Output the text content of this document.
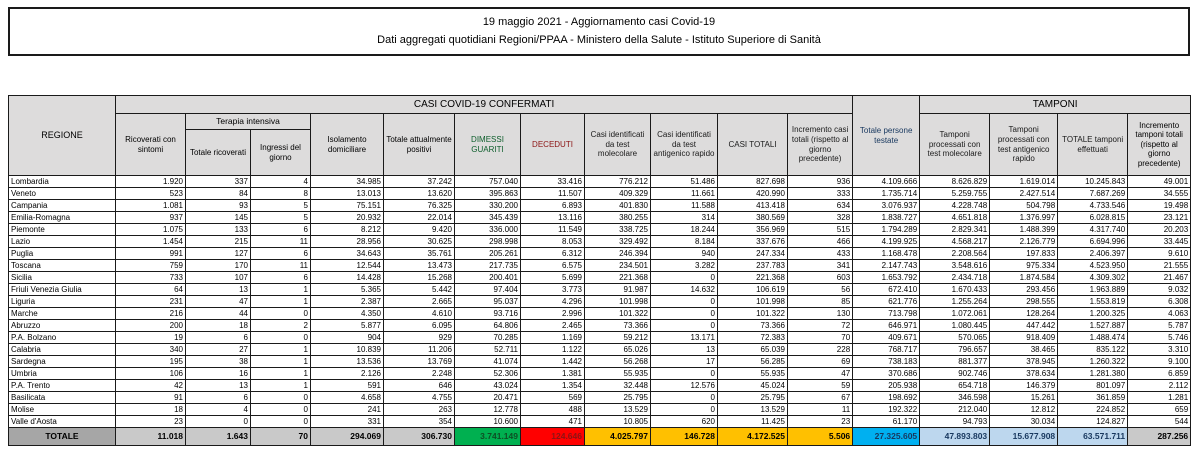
19 maggio 2021 - Aggiornamento casi Covid-19
Dati aggregati quotidiani Regioni/PPAA - Ministero della Salute - Istituto Superiore di Sanità
REGIONE	CASI COVID-19 CONFERMATI											Totale persone testate	TAMPONI			
	Ricoverati con sintomi	Terapia intensiva		Isolamento domiciliare	Totale attualmente positivi	DIMESSI GUARITI	DECEDUTI	Casi identificati da test molecolare	Casi identificati da test antigenico rapido	CASI TOTALI	Incremento casi totali (rispetto al giorno precedente)		Tamponi processati con test molecolare	Tamponi processati con test antigenico rapido	TOTALE tamponi effettuati	Incremento tamponi totali (rispetto al giorno precedente)
		Totale ricoverati	Ingressi del giorno													
Lombardia	1.920	337	4	34.985	37.242	757.040	33.416	776.212	51.486	827.698	936	4.109.666	8.626.829	1.619.014	10.245.843	49.001
Veneto	523	84	8	13.013	13.620	395.863	11.507	409.329	11.661	420.990	333	1.735.714	5.259.755	2.427.514	7.687.269	34.555
Campania	1.081	93	5	75.151	76.325	330.200	6.893	401.830	11.588	413.418	634	3.076.937	4.228.748	504.798	4.733.546	19.498
Emilia-Romagna	937	145	5	20.932	22.014	345.439	13.116	380.255	314	380.569	328	1.838.727	4.651.818	1.376.997	6.028.815	23.121
Piemonte	1.075	133	6	8.212	9.420	336.000	11.549	338.725	18.244	356.969	515	1.794.289	2.829.341	1.488.399	4.317.740	20.203
Lazio	1.454	215	11	28.956	30.625	298.998	8.053	329.492	8.184	337.676	466	4.199.925	4.568.217	2.126.779	6.694.996	33.445
Puglia	991	127	6	34.643	35.761	205.261	6.312	246.394	940	247.334	433	1.168.478	2.208.564	197.833	2.406.397	9.610
Toscana	759	170	11	12.544	13.473	217.735	6.575	234.501	3.282	237.783	341	2.147.743	3.548.616	975.334	4.523.950	21.555
Sicilia	733	107	6	14.428	15.268	200.401	5.699	221.368	0	221.368	603	1.653.792	2.434.718	1.874.584	4.309.302	21.467
Friuli Venezia Giulia	64	13	1	5.365	5.442	97.404	3.773	91.987	14.632	106.619	56	672.410	1.670.433	293.456	1.963.889	9.032
Liguria	231	47	1	2.387	2.665	95.037	4.296	101.998	0	101.998	85	621.776	1.255.264	298.555	1.553.819	6.308
Marche	216	44	0	4.350	4.610	93.716	2.996	101.322	0	101.322	130	713.798	1.072.061	128.264	1.200.325	4.063
Abruzzo	200	18	2	5.877	6.095	64.806	2.465	73.366	0	73.366	72	646.971	1.080.445	447.442	1.527.887	5.787
P.A. Bolzano	19	6	0	904	929	70.285	1.169	59.212	13.171	72.383	70	409.671	570.065	918.409	1.488.474	5.746
Calabria	340	27	1	10.839	11.206	52.711	1.122	65.026	13	65.039	228	768.717	796.657	38.465	835.122	3.310
Sardegna	195	38	1	13.536	13.769	41.074	1.442	56.268	17	56.285	69	738.183	881.377	378.945	1.260.322	9.100
Umbria	106	16	1	2.126	2.248	52.306	1.381	55.935	0	55.935	47	370.686	902.746	378.634	1.281.380	6.859
P.A. Trento	42	13	1	591	646	43.024	1.354	32.448	12.576	45.024	59	205.938	654.718	146.379	801.097	2.112
Basilicata	91	6	0	4.658	4.755	20.471	569	25.795	0	25.795	67	198.692	346.598	15.261	361.859	1.281
Molise	18	4	0	241	263	12.778	488	13.529	0	13.529	11	192.322	212.040	12.812	224.852	659
Valle d'Aosta	23	0	0	331	354	10.600	471	10.805	620	11.425	23	61.170	94.793	30.034	124.827	544
TOTALE	11.018	1.643	70	294.069	306.730	3.741.149	124.646	4.025.797	146.728	4.172.525	5.506	27.325.605	47.893.803	15.677.908	63.571.711	287.256
